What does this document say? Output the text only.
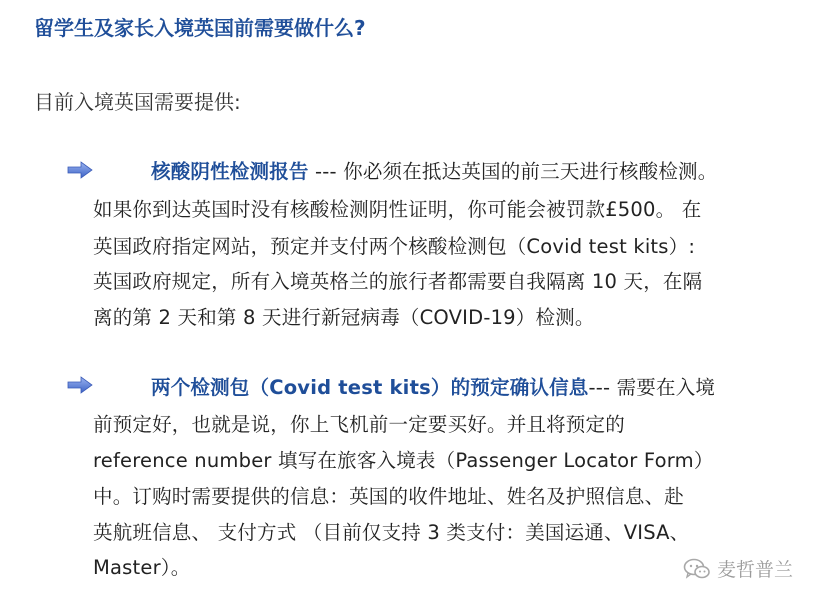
留学生及家长入境英国前需要做什么?
目前入境英国需要提供:
核酸阴性检测报告 --- 你必须在抵达英国的前三天进行核酸检测。
如果你到达英国时没有核酸检测阴性证明，你可能会被罚款£500。 在
英国政府指定网站，预定并支付两个核酸检测包（Covid test kits）:
英国政府规定，所有入境英格兰的旅行者都需要自我隔离 10 天，在隔
离的第 2 天和第 8 天进行新冠病毒（COVID-19）检测。
两个检测包（Covid test kits）的预定确认信息--- 需要在入境
前预定好，也就是说，你上飞机前一定要买好。并且将预定的
reference number 填写在旅客入境表（Passenger Locator Form）
中。订购时需要提供的信息：英国的收件地址、姓名及护照信息、赴
英航班信息、 支付方式 （目前仅支持 3 类支付：美国运通、VISA、
Master）。	麦哲普兰
